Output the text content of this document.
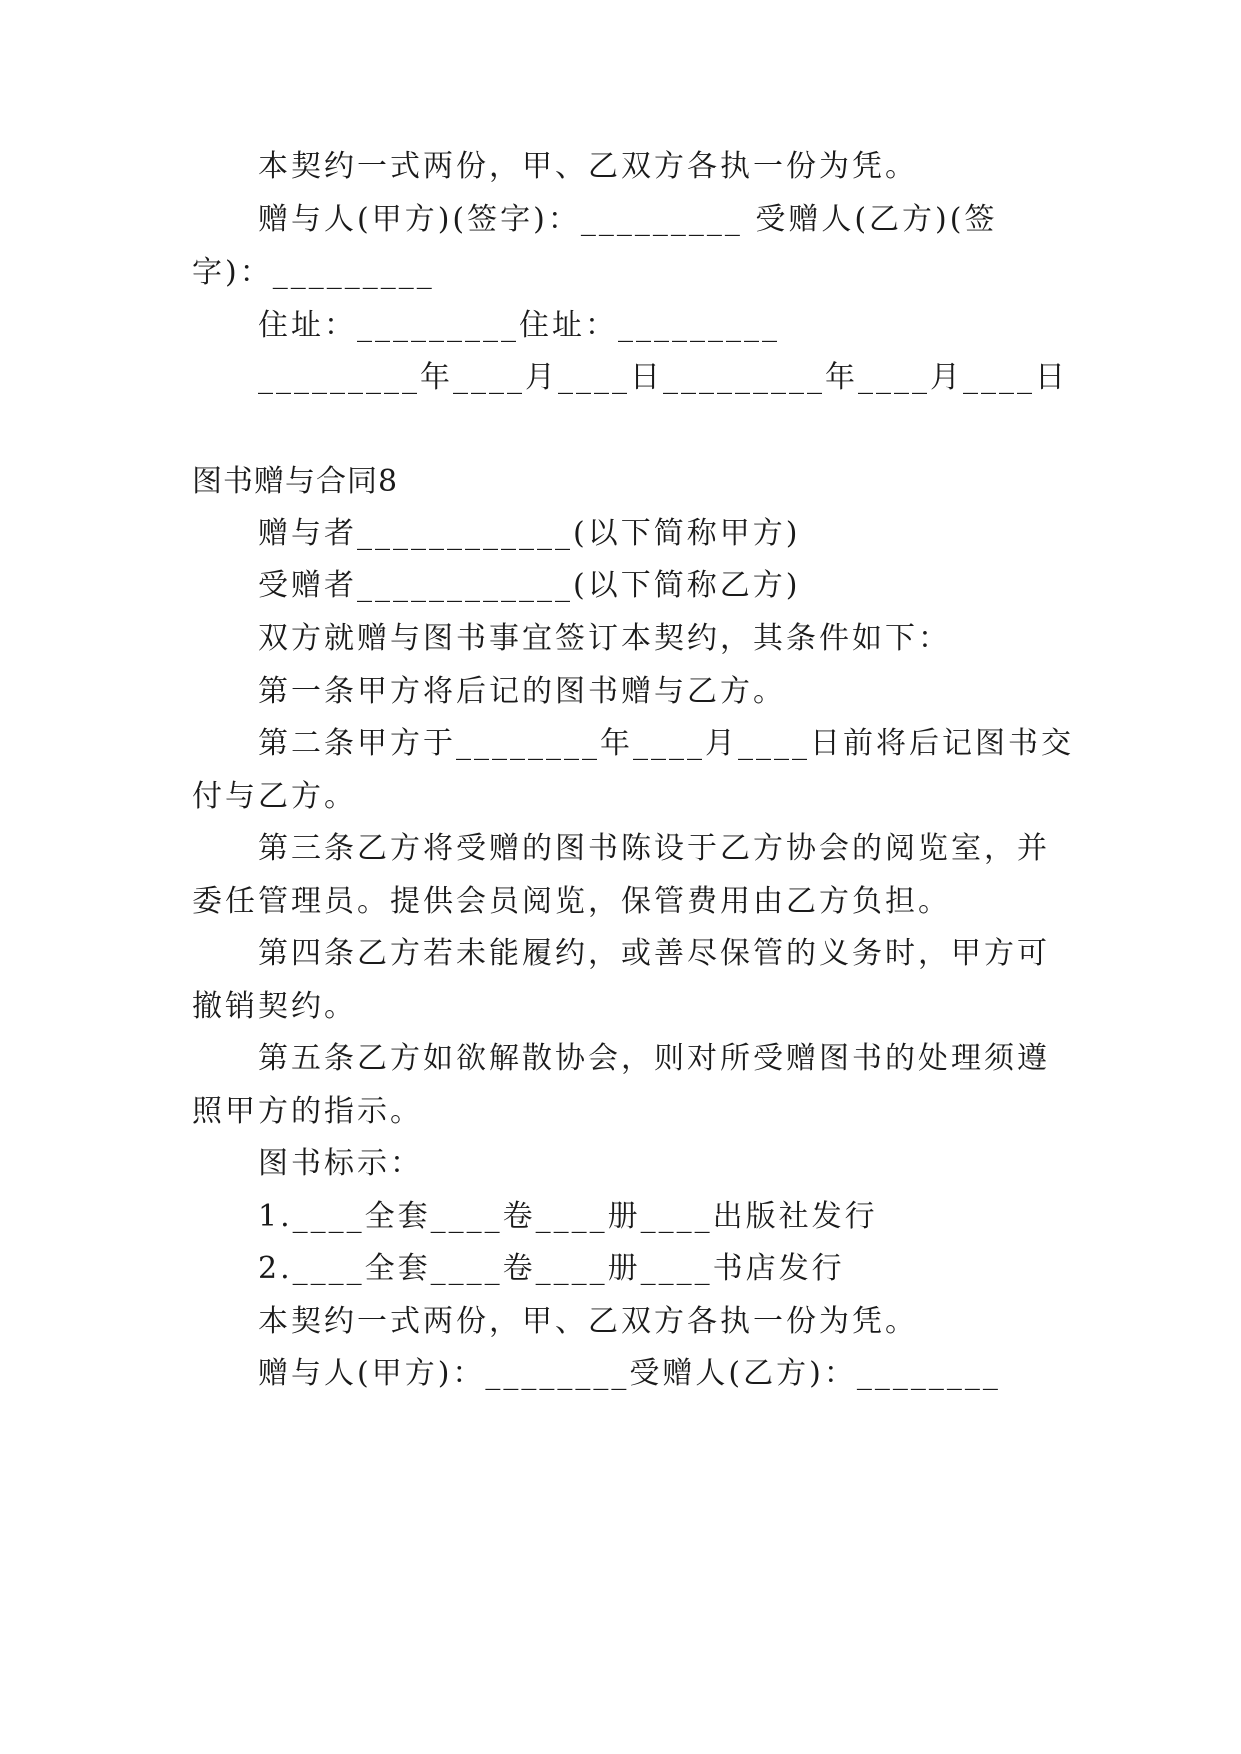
本契约一式两份，甲、乙双方各执一份为凭。
赠与人(甲方)(签字)：_________ 受赠人(乙方)(签
字)：_________
住址：_________住址：_________
_________年____月____日_________年____月____日
图书赠与合同8
赠与者____________(以下简称甲方)
受赠者____________(以下简称乙方)
双方就赠与图书事宜签订本契约，其条件如下：
第一条甲方将后记的图书赠与乙方。
第二条甲方于________年____月____日前将后记图书交
付与乙方。
第三条乙方将受赠的图书陈设于乙方协会的阅览室，并
委任管理员。提供会员阅览，保管费用由乙方负担。
第四条乙方若未能履约，或善尽保管的义务时，甲方可
撤销契约。
第五条乙方如欲解散协会，则对所受赠图书的处理须遵
照甲方的指示。
图书标示：
1.____全套____卷____册____出版社发行
2.____全套____卷____册____书店发行
本契约一式两份，甲、乙双方各执一份为凭。
赠与人(甲方)：________受赠人(乙方)：________
